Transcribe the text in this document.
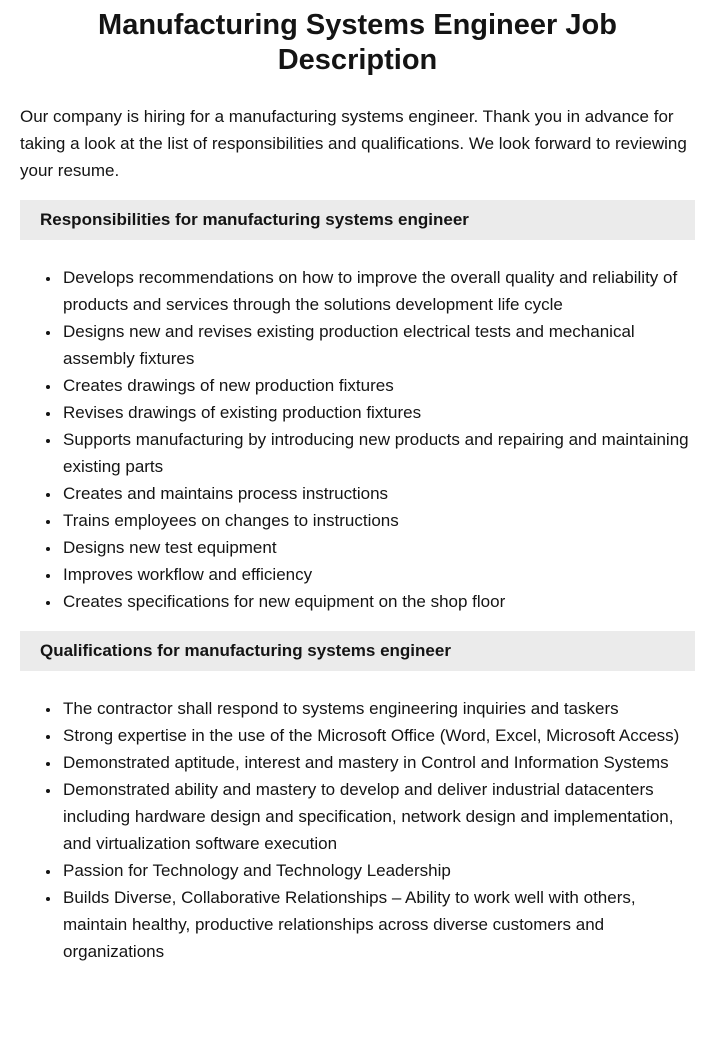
Manufacturing Systems Engineer Job Description

Our company is hiring for a manufacturing systems engineer. Thank you in advance for taking a look at the list of responsibilities and qualifications. We look forward to reviewing your resume.

Responsibilities for manufacturing systems engineer
• Develops recommendations on how to improve the overall quality and reliability of products and services through the solutions development life cycle
• Designs new and revises existing production electrical tests and mechanical assembly fixtures
• Creates drawings of new production fixtures
• Revises drawings of existing production fixtures
• Supports manufacturing by introducing new products and repairing and maintaining existing parts
• Creates and maintains process instructions
• Trains employees on changes to instructions
• Designs new test equipment
• Improves workflow and efficiency
• Creates specifications for new equipment on the shop floor
Qualifications for manufacturing systems engineer
• The contractor shall respond to systems engineering inquiries and taskers
• Strong expertise in the use of the Microsoft Office (Word, Excel, Microsoft Access)
• Demonstrated aptitude, interest and mastery in Control and Information Systems
• Demonstrated ability and mastery to develop and deliver industrial datacenters including hardware design and specification, network design and implementation, and virtualization software execution
• Passion for Technology and Technology Leadership
• Builds Diverse, Collaborative Relationships – Ability to work well with others, maintain healthy, productive relationships across diverse customers and organizations
